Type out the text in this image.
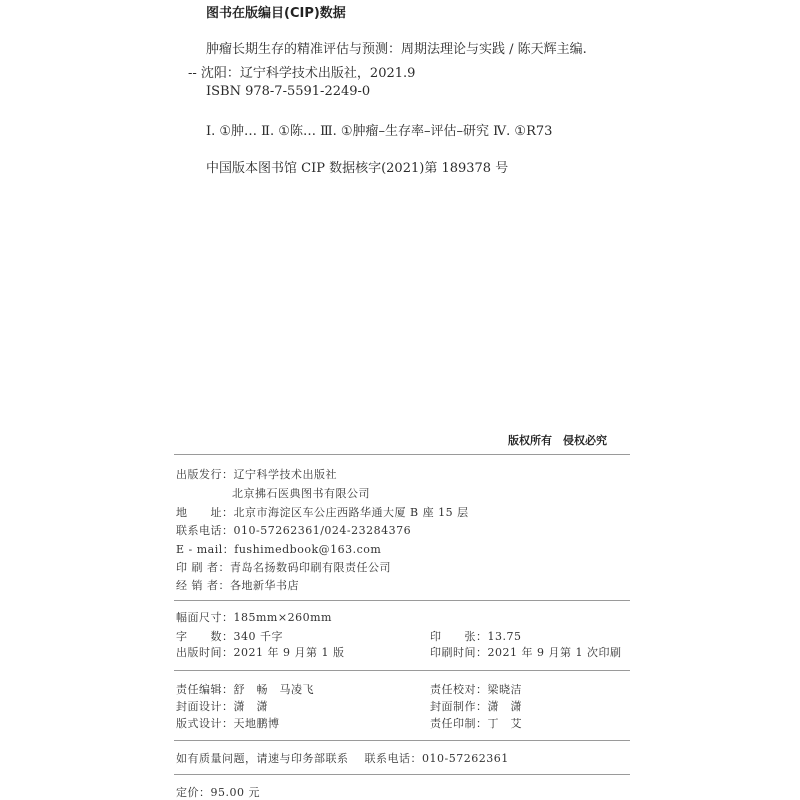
图书在版编目(CIP)数据
肿瘤长期生存的精准评估与预测：周期法理论与实践 / 陈天辉主编.
-- 沈阳：辽宁科学技术出版社，2021.9
ISBN 978-7-5591-2249-0
Ⅰ. ①肿… Ⅱ. ①陈… Ⅲ. ①肿瘤–生存率–评估–研究 Ⅳ. ①R73
中国版本图书馆 CIP 数据核字(2021)第 189378 号
版权所有　侵权必究
出版发行：辽宁科学技术出版社
北京拂石医典图书有限公司
地　　址：北京市海淀区车公庄西路华通大厦 B 座 15 层
联系电话：010-57262361/024-23284376
E - mail：fushimedbook@163.com
印 刷 者：青岛名扬数码印刷有限责任公司
经 销 者：各地新华书店
幅面尺寸：185mm×260mm
字　　数：340 千字	印　　张：13.75
出版时间：2021 年 9 月第 1 版	印刷时间：2021 年 9 月第 1 次印刷
责任编辑：舒　畅　马凌飞	责任校对：梁晓洁
封面设计：潇　潇	封面制作：潇　潇
版式设计：天地鹏博	责任印制：丁　艾
如有质量问题，请速与印务部联系 联系电话：010-57262361
定价：95.00 元
